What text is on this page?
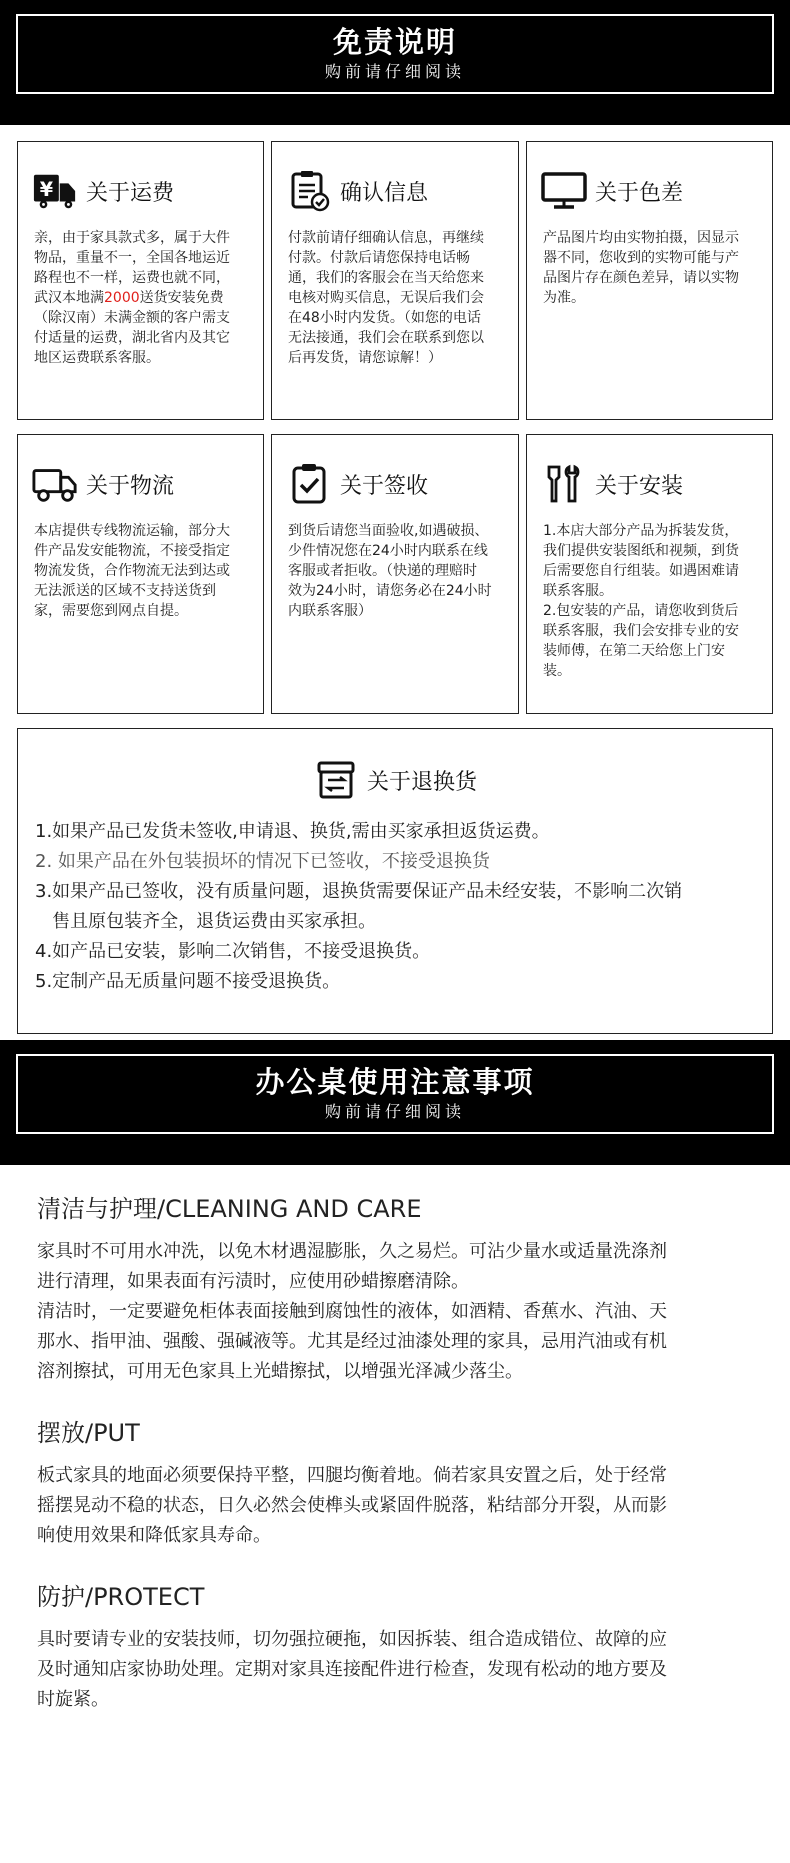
免责说明
购前请仔细阅读
¥ 关于运费
亲，由于家具款式多，属于大件
物品，重量不一，全国各地运近
路程也不一样，运费也就不同，
武汉本地满2000送货安装免费
（除汉南）未满金额的客户需支
付适量的运费，湖北省内及其它
地区运费联系客服。
确认信息
付款前请仔细确认信息，再继续
付款。付款后请您保持电话畅
通，我们的客服会在当天给您来
电核对购买信息，无误后我们会
在48小时内发货。（如您的电话
无法接通，我们会在联系到您以
后再发货，请您谅解！）
关于色差
产品图片均由实物拍摄，因显示
器不同，您收到的实物可能与产
品图片存在颜色差异，请以实物
为准。
关于物流
本店提供专线物流运输，部分大
件产品发安能物流，不接受指定
物流发货，合作物流无法到达或
无法派送的区域不支持送货到
家，需要您到网点自提。
关于签收
到货后请您当面验收,如遇破损、
少件情况您在24小时内联系在线
客服或者拒收。（快递的理赔时
效为24小时，请您务必在24小时
内联系客服）
关于安装
1.本店大部分产品为拆装发货，
我们提供安装图纸和视频，到货
后需要您自行组装。如遇困难请
联系客服。
2.包安装的产品，请您收到货后
联系客服，我们会安排专业的安
装师傅，在第二天给您上门安
装。
关于退换货
1.如果产品已发货未签收,申请退、换货,需由买家承担返货运费。
2. 如果产品在外包装损坏的情况下已签收，不接受退换货
3.如果产品已签收，没有质量问题，退换货需要保证产品未经安装，不影响二次销
售且原包装齐全，退货运费由买家承担。
4.如产品已安装，影响二次销售，不接受退换货。
5.定制产品无质量问题不接受退换货。
办公桌使用注意事项
购前请仔细阅读
清洁与护理/CLEANING AND CARE
家具时不可用水冲洗，以免木材遇湿膨胀，久之易烂。可沾少量水或适量洗涤剂
进行清理，如果表面有污渍时，应使用砂蜡擦磨清除。
清洁时，一定要避免柜体表面接触到腐蚀性的液体，如酒精、香蕉水、汽油、天
那水、指甲油、强酸、强碱液等。尤其是经过油漆处理的家具，忌用汽油或有机
溶剂擦拭，可用无色家具上光蜡擦拭，以增强光泽减少落尘。
摆放/PUT
板式家具的地面必须要保持平整，四腿均衡着地。倘若家具安置之后，处于经常
摇摆晃动不稳的状态，日久必然会使榫头或紧固件脱落，粘结部分开裂，从而影
响使用效果和降低家具寿命。
防护/PROTECT
具时要请专业的安装技师，切勿强拉硬拖，如因拆装、组合造成错位、故障的应
及时通知店家协助处理。定期对家具连接配件进行检查，发现有松动的地方要及
时旋紧。
